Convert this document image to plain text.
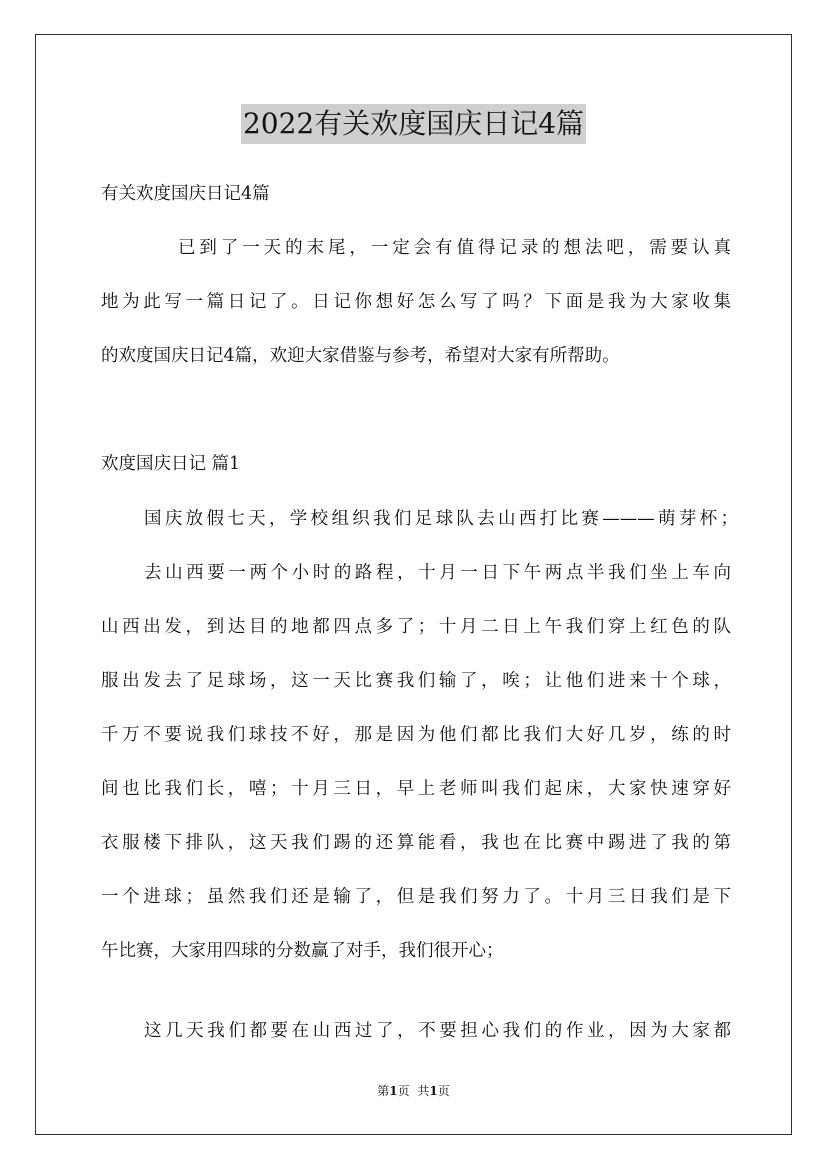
2022有关欢度国庆日记4篇
有关欢度国庆日记4篇
已到了一天的末尾，一定会有值得记录的想法吧，需要认真
地为此写一篇日记了。日记你想好怎么写了吗？下面是我为大家收集
的欢度国庆日记4篇，欢迎大家借鉴与参考，希望对大家有所帮助。
欢度国庆日记 篇1
国庆放假七天，学校组织我们足球队去山西打比赛———萌芽杯；
去山西要一两个小时的路程，十月一日下午两点半我们坐上车向
山西出发，到达目的地都四点多了；十月二日上午我们穿上红色的队
服出发去了足球场，这一天比赛我们输了，唉；让他们进来十个球，
千万不要说我们球技不好，那是因为他们都比我们大好几岁，练的时
间也比我们长，嘻；十月三日，早上老师叫我们起床，大家快速穿好
衣服楼下排队，这天我们踢的还算能看，我也在比赛中踢进了我的第
一个进球；虽然我们还是输了，但是我们努力了。十月三日我们是下
午比赛，大家用四球的分数赢了对手，我们很开心；
这几天我们都要在山西过了，不要担心我们的作业，因为大家都
第1页 共1页
